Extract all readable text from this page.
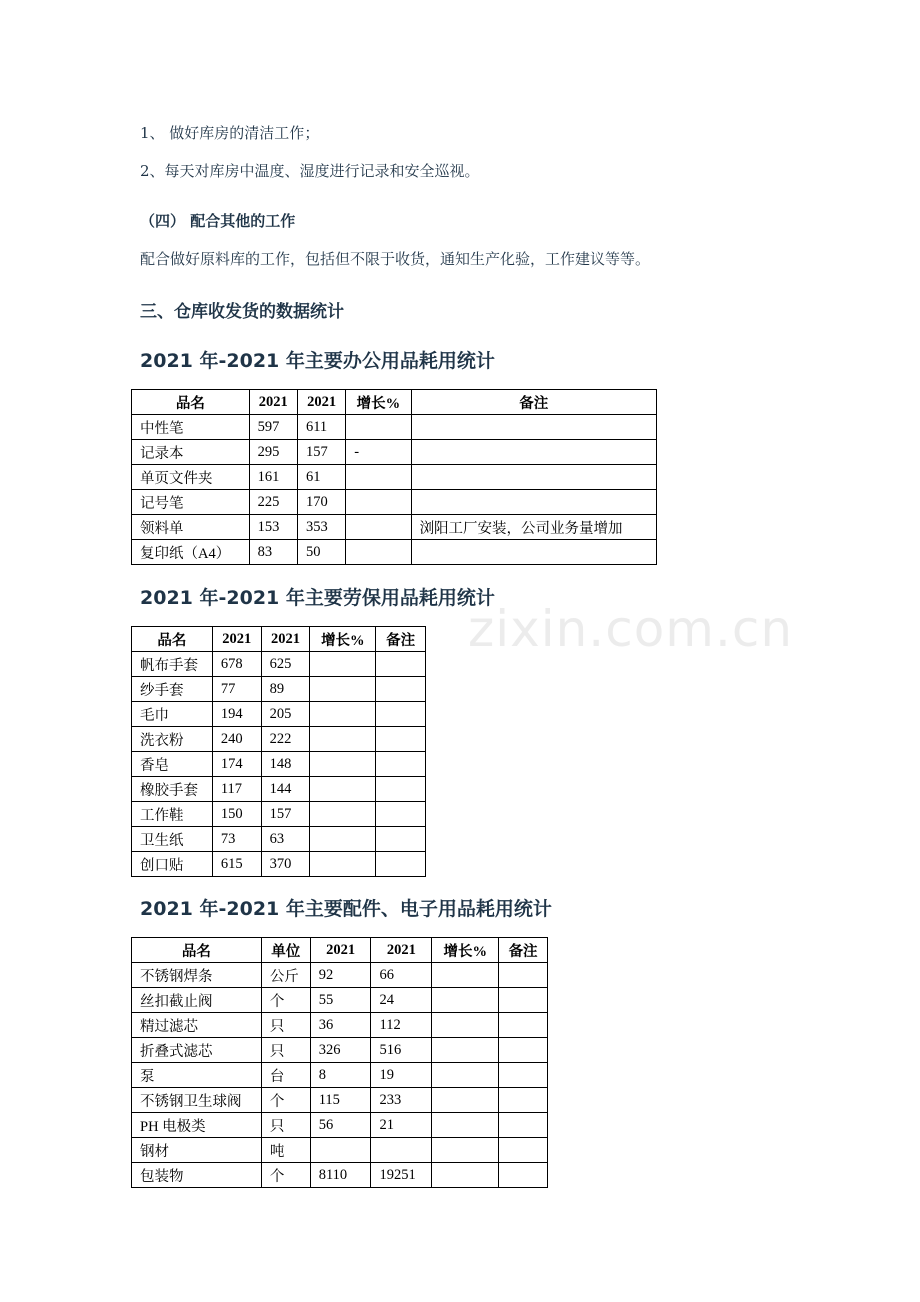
1、 做好库房的清洁工作；
2、每天对库房中温度、湿度进行记录和安全巡视。
（四） 配合其他的工作
配合做好原料库的工作，包括但不限于收货，通知生产化验，工作建议等等。
三、仓库收发货的数据统计
2021 年-2021 年主要办公用品耗用统计
品名	2021	2021	增长%	备注
中性笔	597	611		
记录本	295	157	-	
单页文件夹	161	61		
记号笔	225	170		
领料单	153	353		浏阳工厂安装，公司业务量增加
复印纸（A4）	83	50		
2021 年-2021 年主要劳保用品耗用统计
zixin.com.cn
品名	2021	2021	增长%	备注
帆布手套	678	625		
纱手套	77	89		
毛巾	194	205		
洗衣粉	240	222		
香皂	174	148		
橡胶手套	117	144		
工作鞋	150	157		
卫生纸	73	63		
创口贴	615	370		
2021 年-2021 年主要配件、电子用品耗用统计
品名	单位	2021	2021	增长%	备注
不锈钢焊条	公斤	92	66		
丝扣截止阀	个	55	24		
精过滤芯	只	36	112		
折叠式滤芯	只	326	516		
泵	台	8	19		
不锈钢卫生球阀	个	115	233		
PH 电极类	只	56	21		
钢材	吨				
包装物	个	8110	19251		
